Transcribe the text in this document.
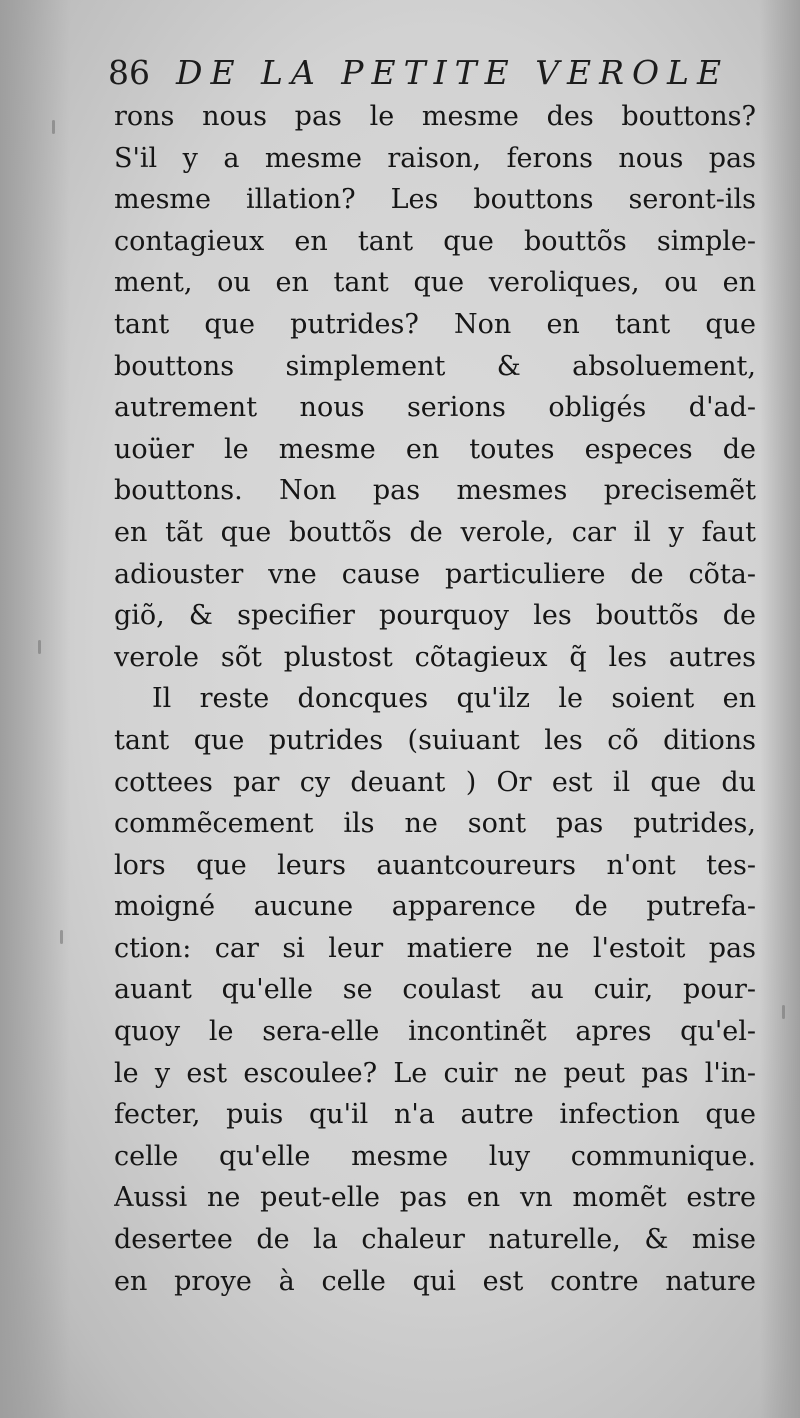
86 DE LA PETITE VEROLE
rons nous pas le mesme des bouttons?
S'il y a mesme raison, ferons nous pas
mesme illation? Les bouttons seront-ils
contagieux en tant que bouttõs simple-
ment, ou en tant que veroliques, ou en
tant que putrides? Non en tant que
bouttons simplement & absoluement,
autrement nous serions obligés d'ad-
uoüer le mesme en toutes especes de
bouttons. Non pas mesmes precisemẽt
en tãt que bouttõs de verole, car il y faut
adiouster vne cause particuliere de cõta-
giõ, & specifier pourquoy les bouttõs de
verole sõt plustost cõtagieux q̃ les autres
Il reste doncques qu'ilz le soient en
tant que putrides (suiuant les cõ ditions
cottees par cy deuant ) Or est il que du
commẽcement ils ne sont pas putrides,
lors que leurs auantcoureurs n'ont tes-
moigné aucune apparence de putrefa-
ction: car si leur matiere ne l'estoit pas
auant qu'elle se coulast au cuir, pour-
quoy le sera-elle incontinẽt apres qu'el-
le y est escoulee? Le cuir ne peut pas l'in-
fecter, puis qu'il n'a autre infection que
celle qu'elle mesme luy communique.
Aussi ne peut-elle pas en vn momẽt estre
desertee de la chaleur naturelle, & mise
en proye à celle qui est contre nature
